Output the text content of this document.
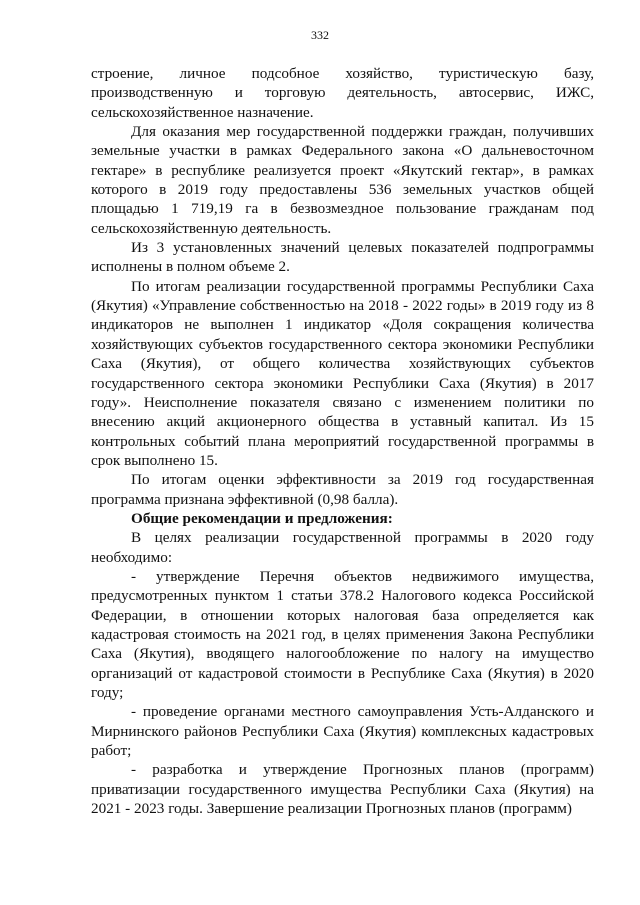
332

строение, личное подсобное хозяйство, туристическую базу, производственную и торговую деятельность, автосервис, ИЖС, сельскохозяйственное назначение.

Для оказания мер государственной поддержки граждан, получивших земельные участки в рамках Федерального закона «О дальневосточном гектаре» в республике реализуется проект «Якутский гектар», в рамках которого в 2019 году предоставлены 536 земельных участков общей площадью 1 719,19 га в безвозмездное пользование гражданам под сельскохозяйственную деятельность.

Из 3 установленных значений целевых показателей подпрограммы исполнены в полном объеме 2.

По итогам реализации государственной программы Республики Саха (Якутия) «Управление собственностью на 2018 - 2022 годы» в 2019 году из 8 индикаторов не выполнен 1 индикатор «Доля сокращения количества хозяйствующих субъектов государственного сектора экономики Республики Саха (Якутия), от общего количества хозяйствующих субъектов государственного сектора экономики Республики Саха (Якутия) в 2017 году». Неисполнение показателя связано с изменением политики по внесению акций акционерного общества в уставный капитал. Из 15 контрольных событий плана мероприятий государственной программы в срок выполнено 15.

По итогам оценки эффективности за 2019 год государственная программа признана эффективной (0,98 балла).

Общие рекомендации и предложения:

В целях реализации государственной программы в 2020 году необходимо:

- утверждение Перечня объектов недвижимого имущества, предусмотренных пунктом 1 статьи 378.2 Налогового кодекса Российской Федерации, в отношении которых налоговая база определяется как кадастровая стоимость на 2021 год, в целях применения Закона Республики Саха (Якутия), вводящего налогообложение по налогу на имущество организаций от кадастровой стоимости в Республике Саха (Якутия) в 2020 году;

- проведение органами местного самоуправления Усть-Алданского и Мирнинского районов Республики Саха (Якутия) комплексных кадастровых работ;

- разработка и утверждение Прогнозных планов (программ) приватизации государственного имущества Республики Саха (Якутия) на 2021 - 2023 годы. Завершение реализации Прогнозных планов (программ)
